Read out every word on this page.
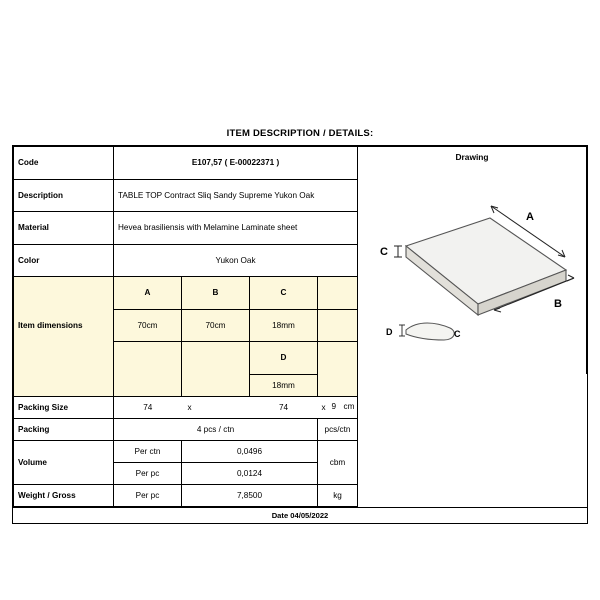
ITEM DESCRIPTION / DETAILS:
Code	E107,57 ( E-00022371 )	
Drawing
A
B
C
D	C

Description	TABLE TOP Contract Sliq Sandy Supreme Yukon Oak				
Material	Hevea brasiliensis with Melamine Laminate sheet				
Color	Yukon Oak				
	A	B	C		
Item dimensions	70cm	70cm	18mm		
			D		
			18mm		
Packing Size	74	x	74	x 9 cm	

Packing	4 pcs / ctn			pcs/ctn	
Volume	Per ctn	0,0496		cbm	
	Per pc	0,0124			
Weight / Gross	Per pc	7,8500		kg	
Date 04/05/2022
